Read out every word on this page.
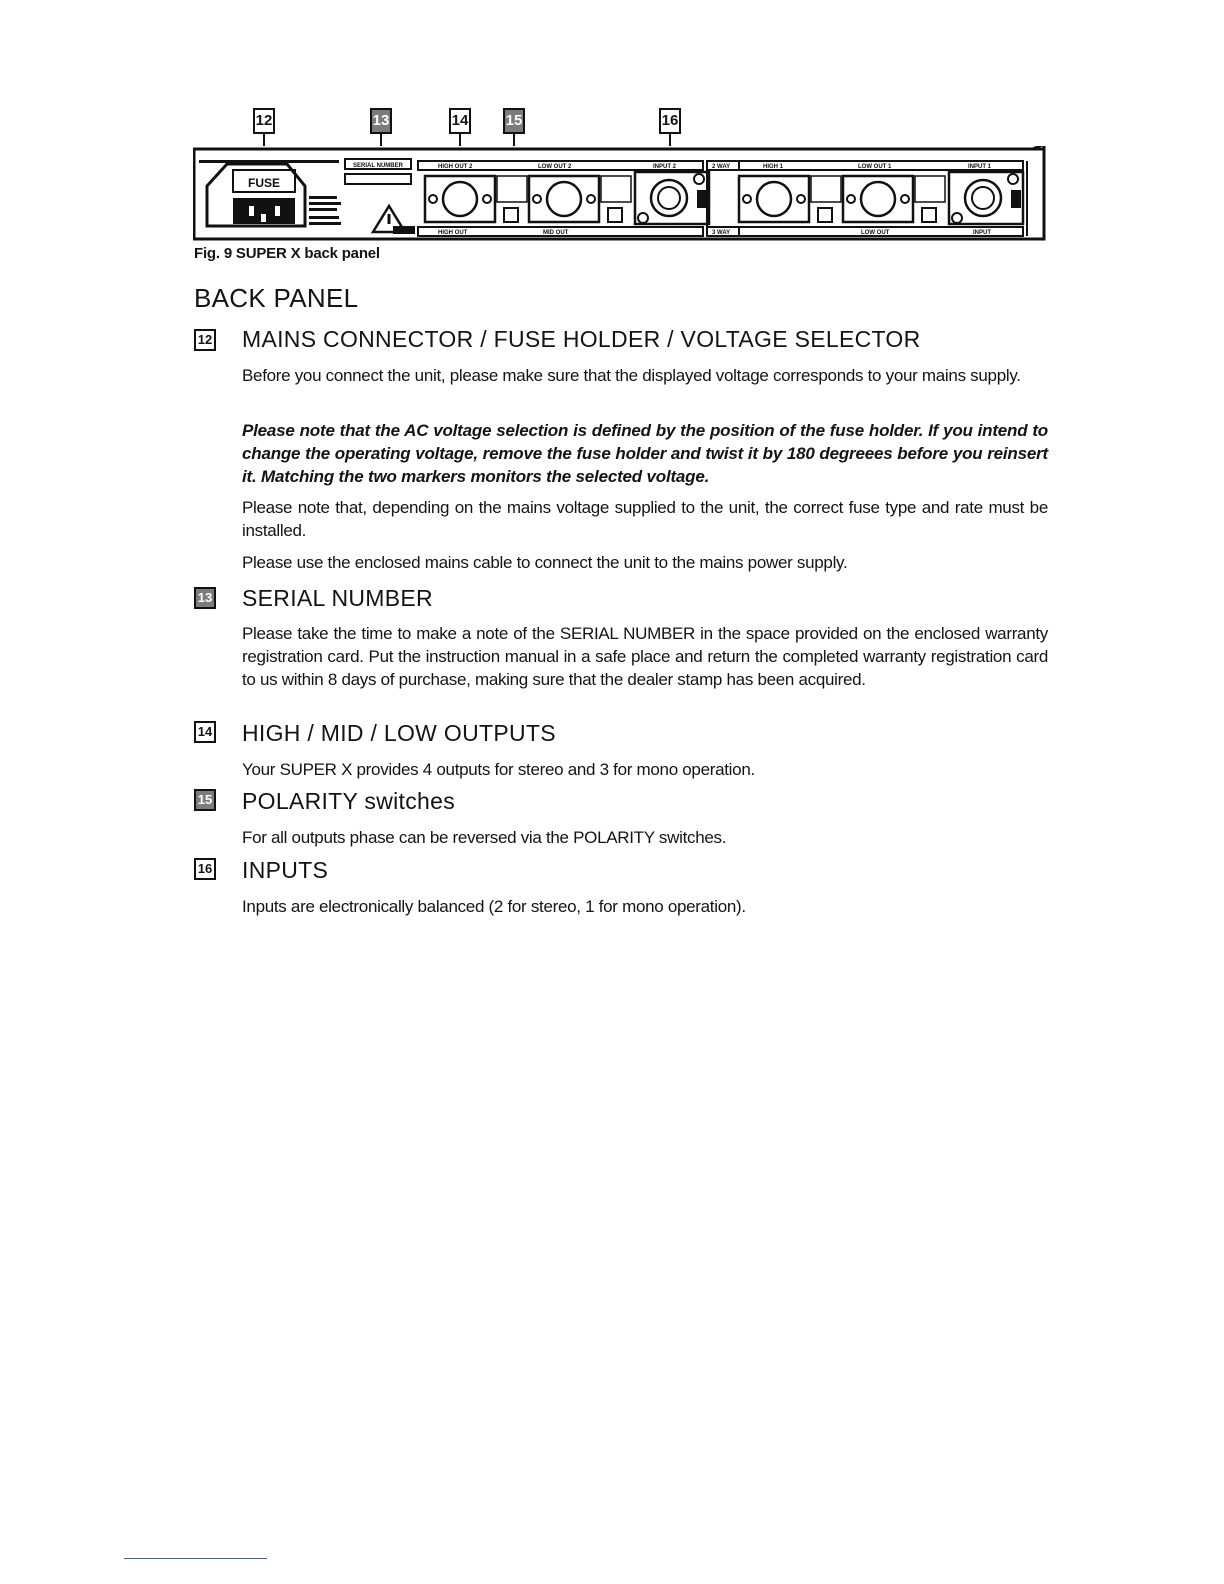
12	13	14 15	16
FUSE
SERIAL NUMBER	HIGH OUT 2	LOW OUT 2	INPUT 2
HIGH OUT	MID OUT
2 WAY
3 WAY
HIGH 1	LOW OUT 1	INPUT 1
LOW OUT	INPUT
Fig. 9 SUPER X back panel
BACK PANEL
12 MAINS CONNECTOR / FUSE HOLDER / VOLTAGE SELECTOR
Before you connect the unit, please make sure that the displayed voltage corresponds to your mains supply.
Please note that the AC voltage selection is defined by the position of the fuse holder. If you intend to change the operating voltage, remove the fuse holder and twist it by 180 degreees before you reinsert it. Matching the two markers monitors the selected voltage.
Please note that, depending on the mains voltage supplied to the unit, the correct fuse type and rate must be installed.
Please use the enclosed mains cable to connect the unit to the mains power supply.
13 SERIAL NUMBER
Please take the time to make a note of the SERIAL NUMBER in the space provided on the enclosed warranty registration card. Put the instruction manual in a safe place and return the completed warranty registration card to us within 8 days of purchase, making sure that the dealer stamp has been acquired.
14 HIGH / MID / LOW OUTPUTS
Your SUPER X provides 4 outputs for stereo and 3 for mono operation.
15 POLARITY switches
For all outputs phase can be reversed via the POLARITY switches.
16 INPUTS
Inputs are electronically balanced (2 for stereo, 1 for mono operation).
